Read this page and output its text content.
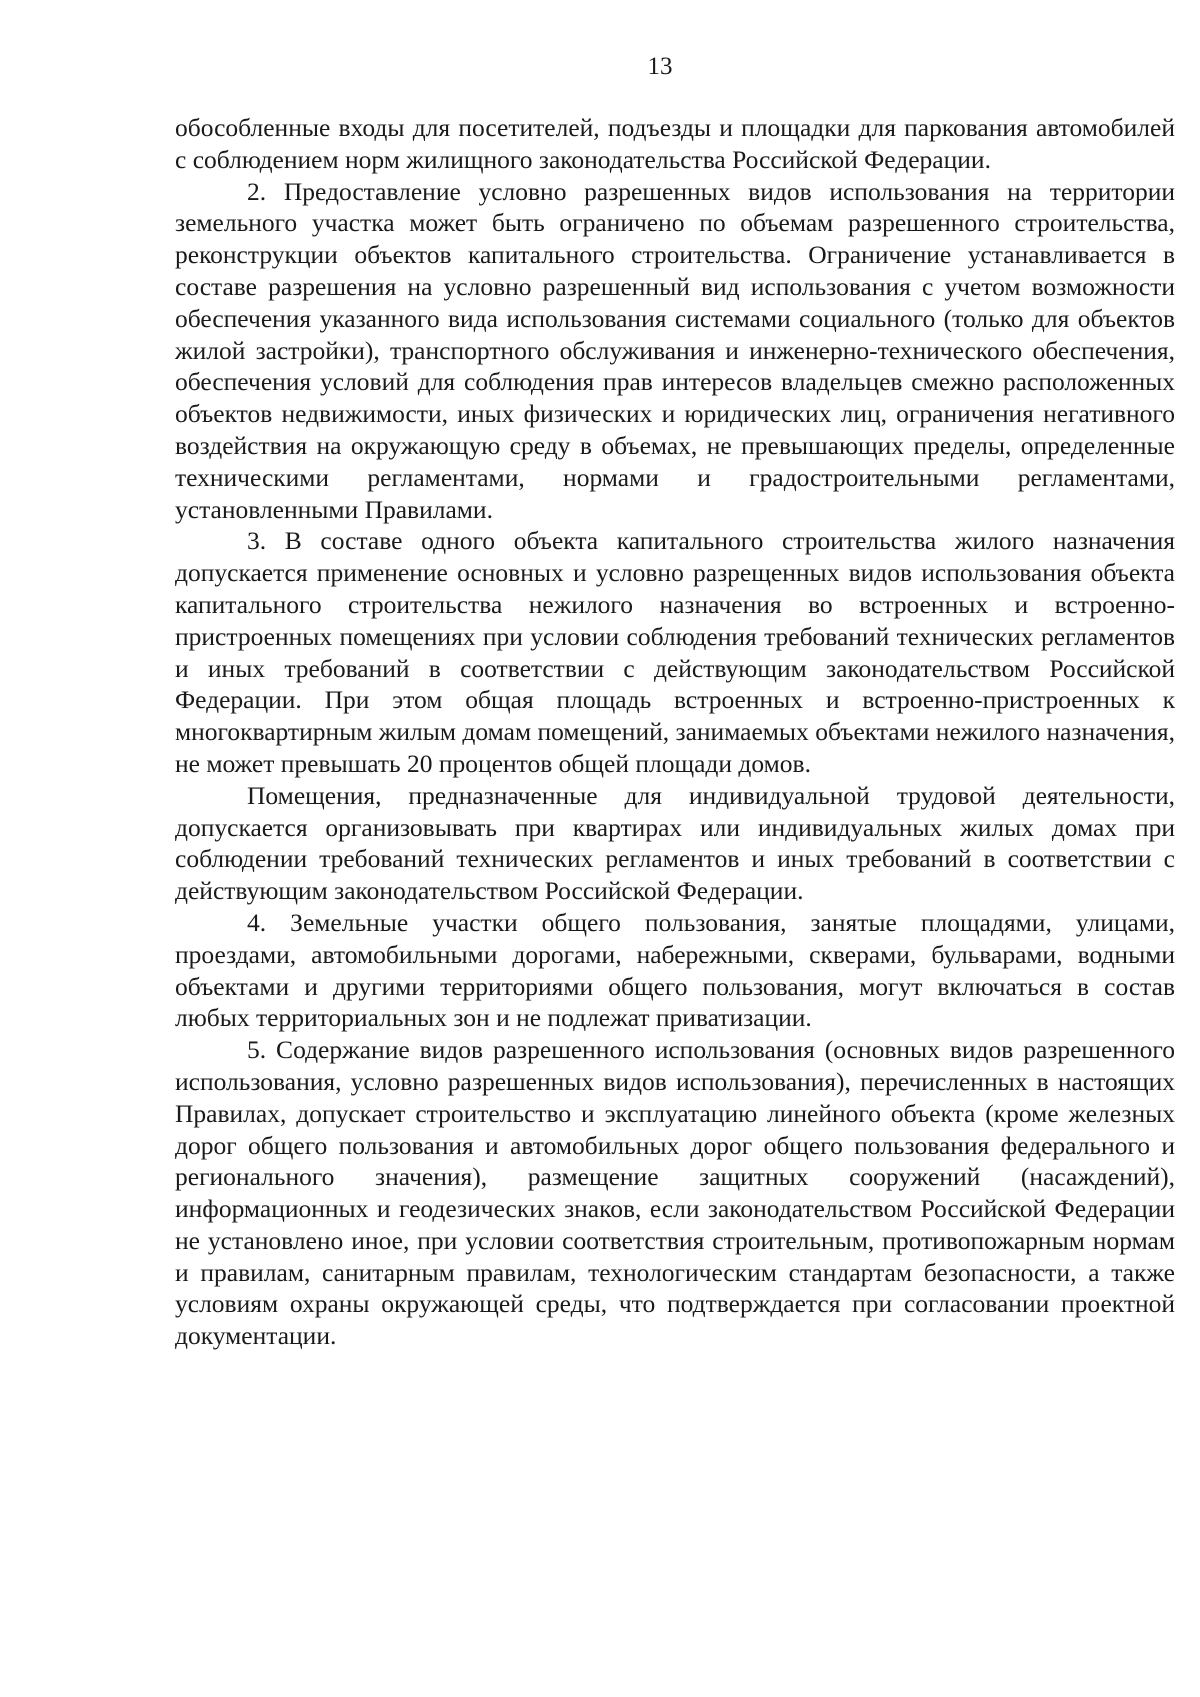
13

обособленные входы для посетителей, подъезды и площадки для паркования автомобилей с соблюдением норм жилищного законодательства Российской Федерации.

2. Предоставление условно разрешенных видов использования на территории земельного участка может быть ограничено по объемам разрешенного строительства, реконструкции объектов капитального строительства. Ограничение устанавливается в составе разрешения на условно разрешенный вид использования с учетом возможности обеспечения указанного вида использования системами социального (только для объектов жилой застройки), транспортного обслуживания и инженерно-технического обеспечения, обеспечения условий для соблюдения прав интересов владельцев смежно расположенных объектов недвижимости, иных физических и юридических лиц, ограничения негативного воздействия на окружающую среду в объемах, не превышающих пределы, определенные техническими регламентами, нормами и градостроительными регламентами, установленными Правилами.

3. В составе одного объекта капитального строительства жилого назначения допускается применение основных и условно разрещенных видов использования объекта капитального строительства нежилого назначения во встроенных и встроенно-пристроенных помещениях при условии соблюдения требований технических регламентов и иных требований в соответствии с действующим законодательством Российской Федерации. При этом общая площадь встроенных и встроенно-пристроенных к многоквартирным жилым домам помещений, занимаемых объектами нежилого назначения, не может превышать 20 процентов общей площади домов.

Помещения, предназначенные для индивидуальной трудовой деятельности, допускается организовывать при квартирах или индивидуальных жилых домах при соблюдении требований технических регламентов и иных требований в соответствии с действующим законодательством Российской Федерации.

4. Земельные участки общего пользования, занятые площадями, улицами, проездами, автомобильными дорогами, набережными, скверами, бульварами, водными объектами и другими территориями общего пользования, могут включаться в состав любых территориальных зон и не подлежат приватизации.

5. Содержание видов разрешенного использования (основных видов разрешенного использования, условно разрешенных видов использования), перечисленных в настоящих Правилах, допускает строительство и эксплуатацию линейного объекта (кроме железных дорог общего пользования и автомобильных дорог общего пользования федерального и регионального значения), размещение защитных сооружений (насаждений), информационных и геодезических знаков, если законодательством Российской Федерации не установлено иное, при условии соответствия строительным, противопожарным нормам и правилам, санитарным правилам, технологическим стандартам безопасности, а также условиям охраны окружающей среды, что подтверждается при согласовании проектной документации.
